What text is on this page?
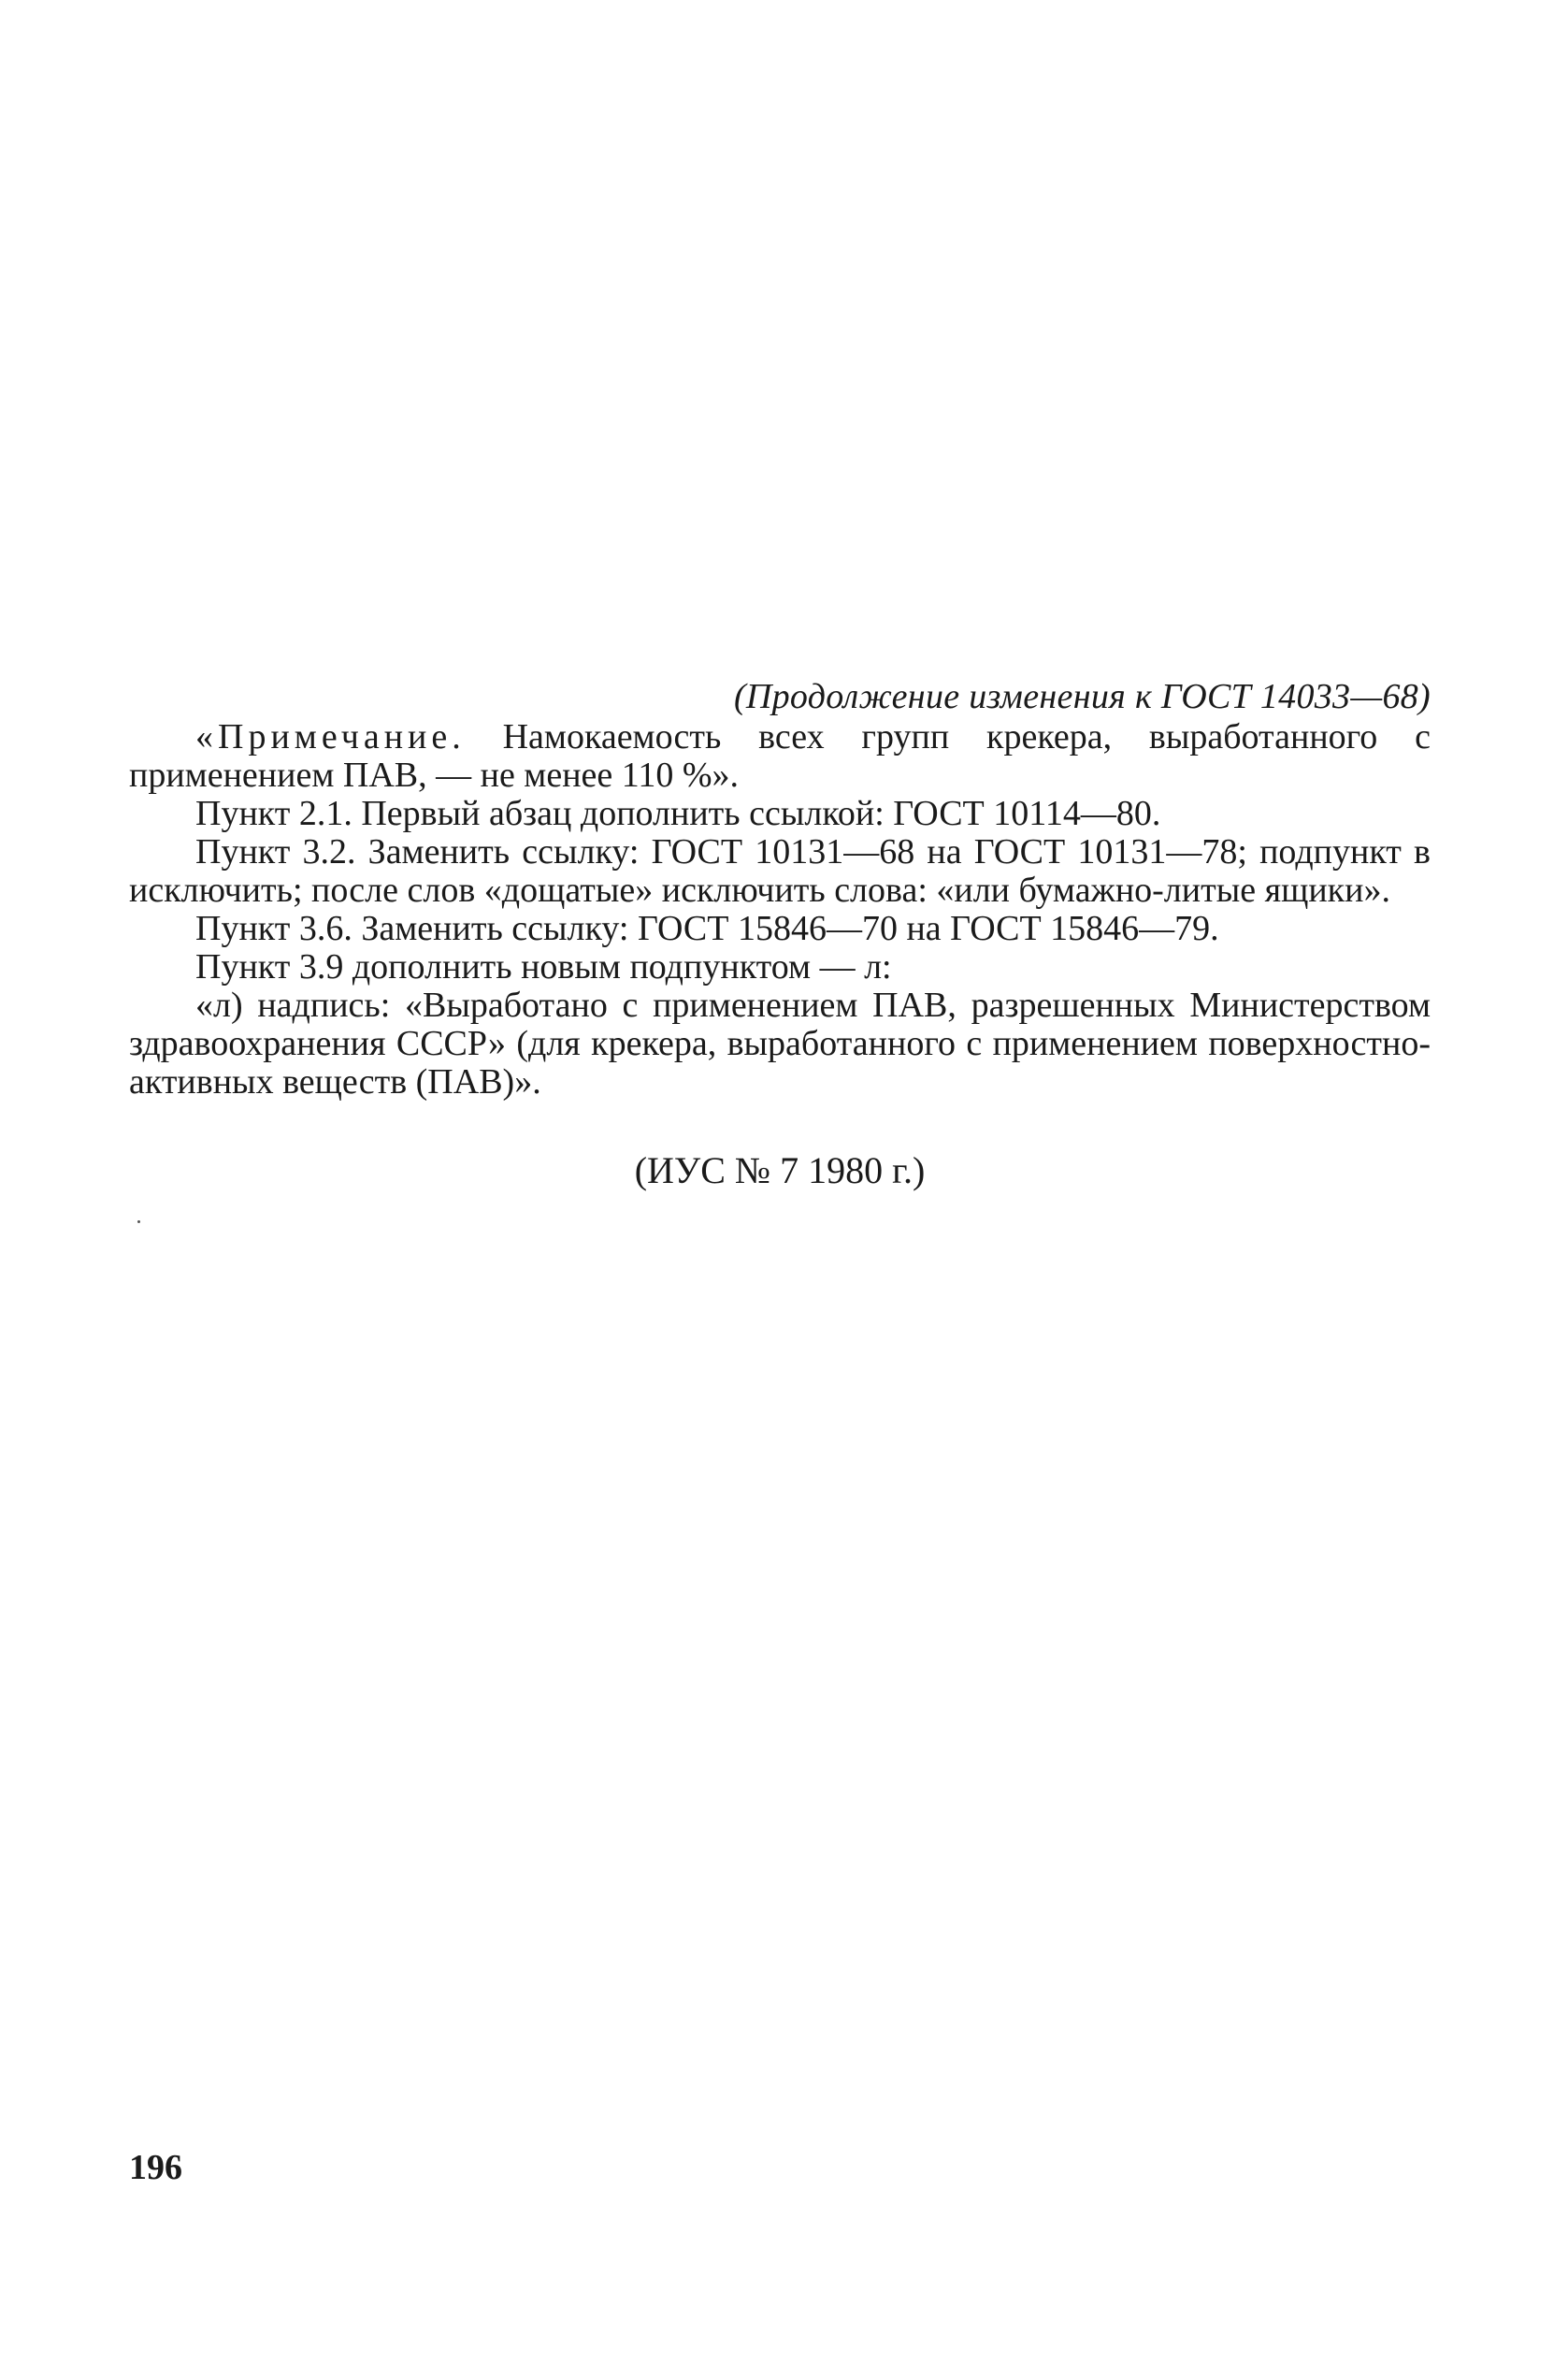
(Продолжение изменения к ГОСТ 14033—68)

«Примечание. Намокаемость всех групп крекера, выработанного с применением ПАВ, — не менее 110 %».

Пункт 2.1. Первый абзац дополнить ссылкой: ГОСТ 10114—80.

Пункт 3.2. Заменить ссылку: ГОСТ 10131—68 на ГОСТ 10131—78; подпункт в исключить; после слов «дощатые» исключить слова: «или бумажно-литые ящики».

Пункт 3.6. Заменить ссылку: ГОСТ 15846—70 на ГОСТ 15846—79.

Пункт 3.9 дополнить новым подпунктом — л:

«л) надпись: «Выработано с применением ПАВ, разрешенных Министерством здравоохранения СССР» (для крекера, выработанного с применением поверхностно-активных веществ (ПАВ)».

(ИУС № 7 1980 г.)
196
